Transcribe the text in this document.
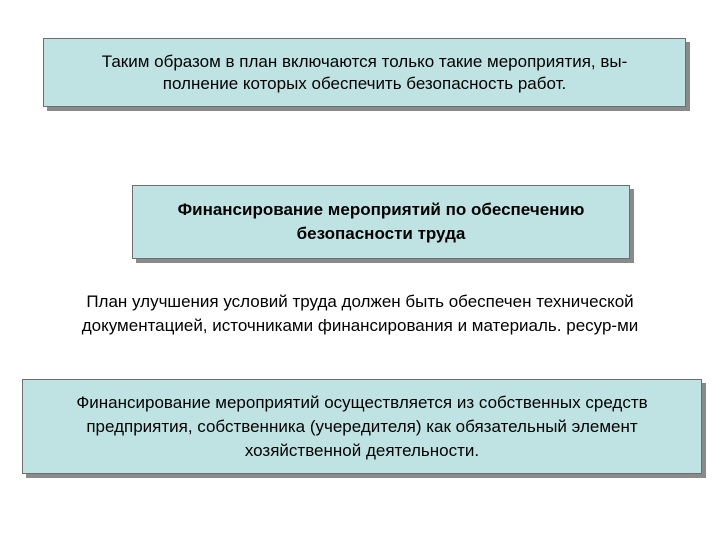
Таким образом в план включаются только такие мероприятия, вы-
полнение которых обеспечить безопасность работ.

Финансирование мероприятий по обеспечению
безопасности труда

План улучшения условий труда должен быть обеспечен технической
документацией, источниками финансирования и материаль. ресур-ми

Финансирование мероприятий осуществляется из собственных средств
предприятия, собственника (учередителя) как обязательный элемент
хозяйственной деятельности.
